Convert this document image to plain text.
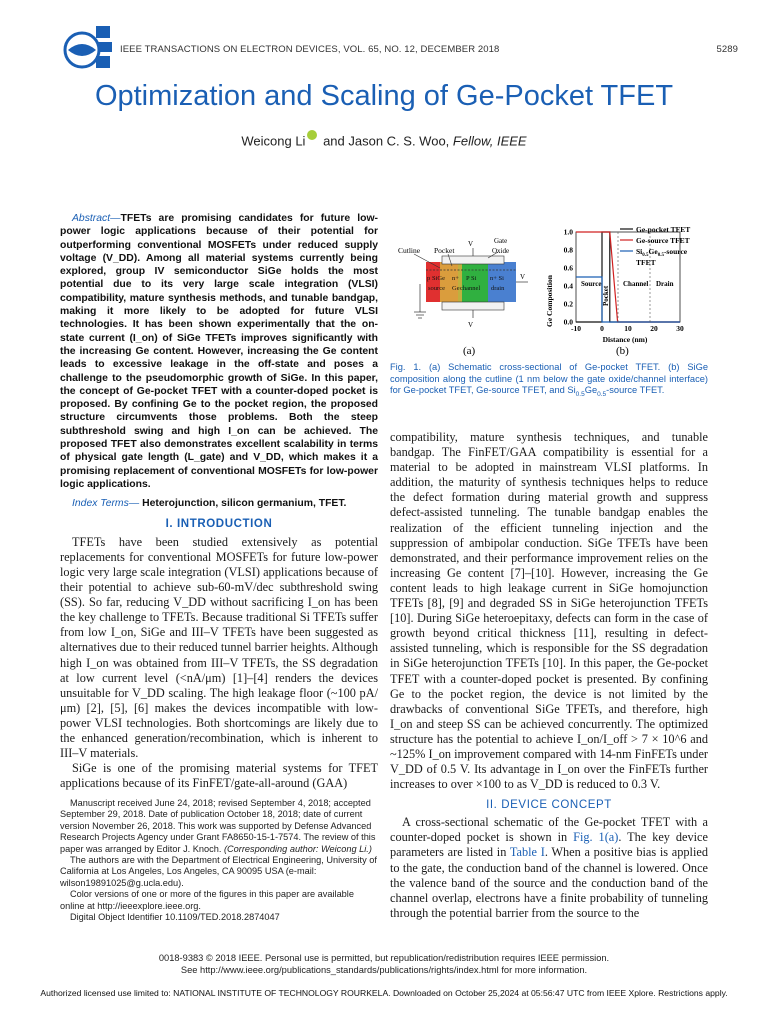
IEEE TRANSACTIONS ON ELECTRON DEVICES, VOL. 65, NO. 12, DECEMBER 2018	5289
Optimization and Scaling of Ge-Pocket TFET
Weicong Li and Jason C. S. Woo, Fellow, IEEE

Abstract—TFETs are promising candidates for future low-power logic applications because of their potential for outperforming conventional MOSFETs under reduced supply voltage (V_DD). Among all material systems currently being explored, group IV semiconductor SiGe holds the most potential due to its very large scale integration (VLSI) compatibility, mature synthesis methods, and tunable bandgap, making it more likely to be adopted for future VLSI technologies. It has been shown experimentally that the on-state current (I_on) of SiGe TFETs improves significantly with the increasing Ge content. However, increasing the Ge content leads to excessive leakage in the off-state and poses a challenge to the pseudomorphic growth of SiGe. In this paper, the concept of Ge-pocket TFET with a counter-doped pocket is proposed. By confining Ge to the pocket region, the proposed structure circumvents those problems. Both the steep subthreshold swing and high I_on can be achieved. The proposed TFET also demonstrates excellent scalability in terms of physical gate length (L_gate) and V_DD, which makes it a promising replacement of conventional MOSFETs for low-power logic applications.

Index Terms— Heterojunction, silicon germanium, TFET.

I. INTRODUCTION

TFETs have been studied extensively as potential replacements for conventional MOSFETs for future low-power logic very large scale integration (VLSI) applications because of their potential to achieve sub-60-mV/dec subthreshold swing (SS). So far, reducing V_DD without sacrificing I_on has been the key challenge to TFETs. Because traditional Si TFETs suffer from low I_on, SiGe and III–V TFETs have been suggested as alternatives due to their reduced tunnel barrier heights. Although high I_on was obtained from III–V TFETs, the SS degradation at low current level (<nA/μm) [1]–[4] renders the devices unsuitable for V_DD scaling. The high leakage floor (~100 pA/μm) [2], [5], [6] makes the devices incompatible with low-power VLSI technologies. Both shortcomings are likely due to the enhanced generation/recombination, which is inherent to III–V materials.

SiGe is one of the promising material systems for TFET applications because of its FinFET/gate-all-around (GAA)

Manuscript received June 24, 2018; revised September 4, 2018; accepted September 29, 2018. Date of publication October 18, 2018; date of current version November 26, 2018. This work was supported by Defense Advanced Research Projects Agency under Grant FA8650-15-1-7574. The review of this paper was arranged by Editor J. Knoch. (Corresponding author: Weicong Li.)

The authors are with the Department of Electrical Engineering, University of California at Los Angeles, Los Angeles, CA 90095 USA (e-mail: wilson19891025@g.ucla.edu).

Color versions of one or more of the figures in this paper are available online at http://ieeexplore.ieee.org.

Digital Object Identifier 10.1109/TED.2018.2874047

Cutline Pocket
V	Gate
Oxide
p SiGe
source
n+
Ge
P Si
channel
n+ Si
drain
V
V
(a)
Ge Composition
1.0
0.8
0.6
0.4
0.2
0.0
-10	0	10 20 30
Distance (nm)
Source
Pocket
Channel Drain
Ge-pocket TFET
Ge-source TFET
$Si_{0.5}Ge_{0.5}$-source
TFET
(b)
Fig. 1. (a) Schematic cross-sectional of Ge-pocket TFET. (b) SiGe composition along the cutline (1 nm below the gate oxide/channel interface) for Ge-pocket TFET, Ge-source TFET, and $Si_{0.5}Ge_{0.5}$-source TFET.

compatibility, mature synthesis techniques, and tunable bandgap. The FinFET/GAA compatibility is essential for a material to be adopted in mainstream VLSI platforms. In addition, the maturity of synthesis techniques helps to reduce the defect formation during material growth and suppress defect-assisted tunneling. The tunable bandgap enables the realization of the efficient tunneling injection and the suppression of ambipolar conduction. SiGe TFETs have been demonstrated, and their performance improvement relies on the increasing Ge content [7]–[10]. However, increasing the Ge content leads to high leakage current in SiGe homojunction TFETs [8], [9] and degraded SS in SiGe heterojunction TFETs [10]. During SiGe heteroepitaxy, defects can form in the case of growth beyond critical thickness [11], resulting in defect-assisted tunneling, which is responsible for the SS degradation in SiGe heterojunction TFETs [10]. In this paper, the Ge-pocket TFET with a counter-doped pocket is presented. By confining Ge to the pocket region, the device is not limited by the drawbacks of conventional SiGe TFETs, and therefore, high I_on and steep SS can be achieved concurrently. The optimized structure has the potential to achieve I_on/I_off > 7 × 10^6 and ~125% I_on improvement compared with 14-nm FinFETs under V_DD of 0.5 V. Its advantage in I_on over the FinFETs further increases to over ×100 to as V_DD is reduced to 0.3 V.

II. DEVICE CONCEPT

A cross-sectional schematic of the Ge-pocket TFET with a counter-doped pocket is shown in Fig. 1(a). The key device parameters are listed in Table I. When a positive bias is applied to the gate, the conduction band of the channel is lowered. Once the valence band of the source and the conduction band of the channel overlap, electrons have a finite probability of tunneling through the potential barrier from the source to the

0018-9383 © 2018 IEEE. Personal use is permitted, but republication/redistribution requires IEEE permission.
See http://www.ieee.org/publications_standards/publications/rights/index.html for more information.
Authorized licensed use limited to: NATIONAL INSTITUTE OF TECHNOLOGY ROURKELA. Downloaded on October 25,2024 at 05:56:47 UTC from IEEE Xplore. Restrictions apply.
